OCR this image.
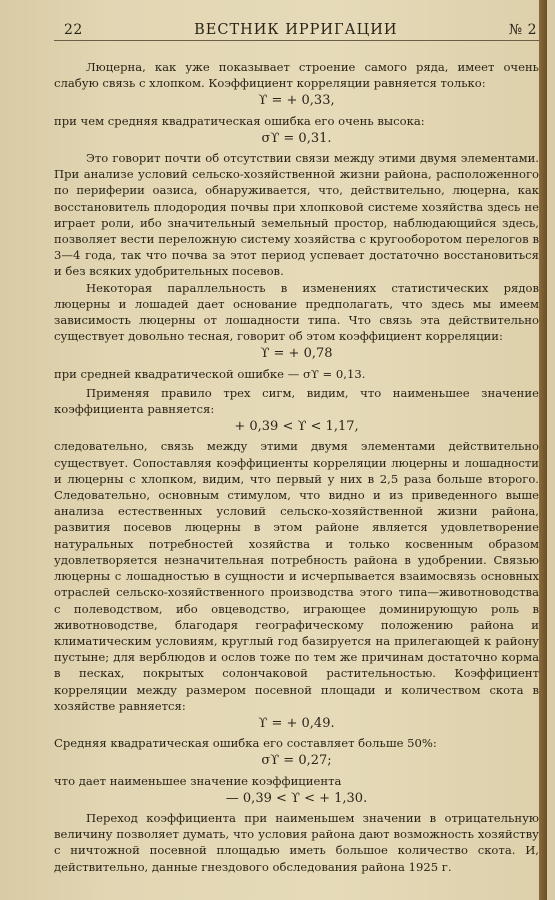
22	ВЕСТНИК ИРРИГАЦИИ	№ 2

Люцерна, как уже показывает строение самого ряда, имеет очень слабую связь с хлопком. Коэффициент корреляции равняется только:

ϒ = + 0,33,

при чем средняя квадратическая ошибка его очень высока:

σϒ = 0,31.

Это говорит почти об отсутствии связи между этими двумя элементами. При анализе условий сельско-хозяйственной жизни района, расположенного по периферии оазиса, обнаруживается, что, действительно, люцерна, как восстановитель плодородия почвы при хлопковой системе хозяйства здесь не играет роли, ибо значительный земельный простор, наблюдающийся здесь, позволяет вести переложную систему хозяйства с кругооборотом перелогов в 3—4 года, так что почва за этот период успевает достаточно восстановиться и без всяких удобрительных посевов.

Некоторая параллельность в изменениях статистических рядов люцерны и лошадей дает основание предполагать, что здесь мы имеем зависимость люцерны от лошадности типа. Что связь эта действительно существует довольно тесная, говорит об этом коэффициент корреляции:

ϒ = + 0,78

при средней квадратической ошибке — σϒ = 0,13.

Применяя правило трех сигм, видим, что наименьшее значение коэффициента равняется:

+ 0,39 < ϒ < 1,17,

следовательно, связь между этими двумя элементами действительно существует. Сопоставляя коэффициенты корреляции люцерны и лошадности и люцерны с хлопком, видим, что первый у них в 2,5 раза больше второго. Следовательно, основным стимулом, что видно и из приведенного выше анализа естественных условий сельско-хозяйственной жизни района, развития посевов люцерны в этом районе является удовлетворение натуральных потребностей хозяйства и только косвенным образом удовлетворяется незначительная потребность района в удобрении. Связью люцерны с лошадностью в сущности и исчерпывается взаимосвязь основных отраслей сельско-хозяйственного производства этого типа—животноводства с полеводством, ибо овцеводство, играющее доминирующую роль в животноводстве, благодаря географическому положению района и климатическим условиям, круглый год базируется на прилегающей к району пустыне; для верблюдов и ослов тоже по тем же причинам достаточно корма в песках, покрытых солончаковой растительностью. Коэффициент корреляции между размером посевной площади и количеством скота в хозяйстве равняется:

ϒ = + 0,49.

Средняя квадратическая ошибка его составляет больше 50%:

σϒ = 0,27;

что дает наименьшее значение коэффициента

— 0,39 < ϒ < + 1,30.

Переход коэффициента при наименьшем значении в отрицательную величину позволяет думать, что условия района дают возможность хозяйству с ничтожной посевной площадью иметь большое количество скота. И, действительно, данные гнездового обследования района 1925 г.
